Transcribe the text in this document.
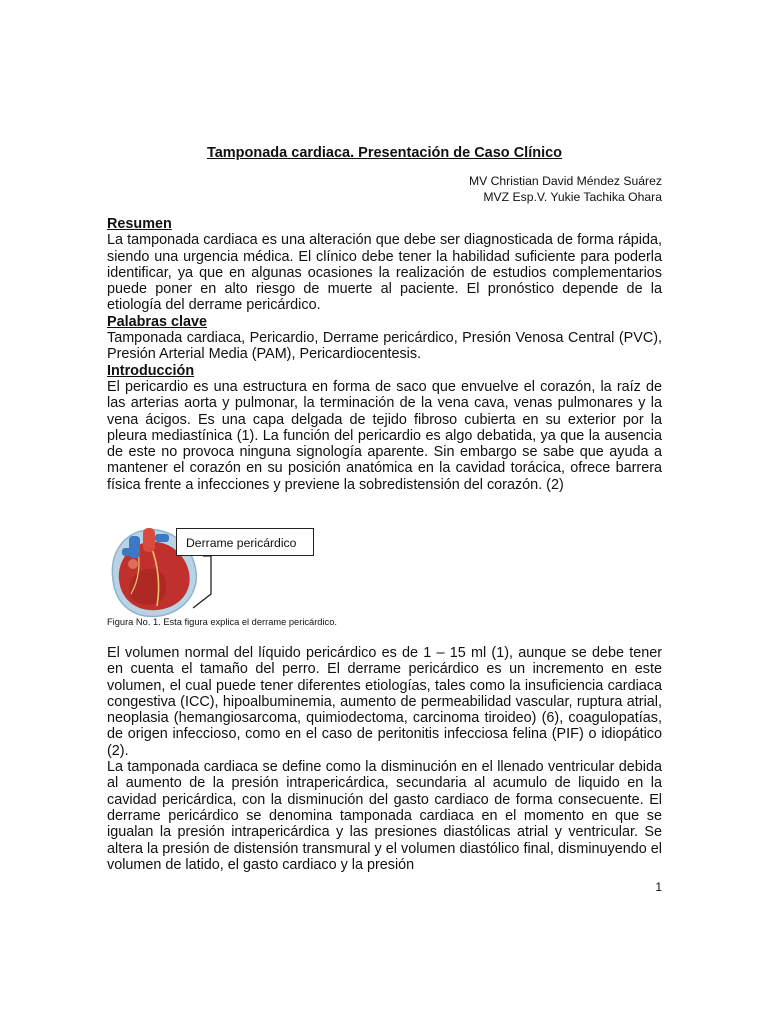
Tamponada cardiaca. Presentación de Caso Clínico
MV Christian David Méndez Suárez
MVZ Esp.V. Yukie Tachika Ohara
Resumen

La tamponada cardiaca es una alteración que debe ser diagnosticada de forma rápida, siendo una urgencia médica. El clínico debe tener la habilidad suficiente para poderla identificar, ya que en algunas ocasiones la realización de estudios complementarios puede poner en alto riesgo de muerte al paciente. El pronóstico depende de la etiología del derrame pericárdico.

Palabras clave

Tamponada cardiaca, Pericardio, Derrame pericárdico, Presión Venosa Central (PVC), Presión Arterial Media (PAM), Pericardiocentesis.

Introducción

El pericardio es una estructura en forma de saco que envuelve el corazón, la raíz de las arterias aorta y pulmonar, la terminación de la vena cava, venas pulmonares y la vena ácigos. Es una capa delgada de tejido fibroso cubierta en su exterior por la pleura mediastínica (1). La función del pericardio es algo debatida, ya que la ausencia de este no provoca ninguna signología aparente. Sin embargo se sabe que ayuda a mantener el corazón en su posición anatómica en la cavidad torácica, ofrece barrera física frente a infecciones y previene la sobredistensión del corazón. (2)

Derrame pericárdico
Figura No. 1. Esta figura explica el derrame pericárdico.

El volumen normal del líquido pericárdico es de 1 – 15 ml (1), aunque se debe tener en cuenta el tamaño del perro. El derrame pericárdico es un incremento en este volumen, el cual puede tener diferentes etiologías, tales como la insuficiencia cardiaca congestiva (ICC), hipoalbuminemia, aumento de permeabilidad vascular, ruptura atrial, neoplasia (hemangiosarcoma, quimiodectoma, carcinoma tiroideo) (6), coagulopatías, de origen infeccioso, como en el caso de peritonitis infecciosa felina (PIF) o idiopático (2).

La tamponada cardiaca se define como la disminución en el llenado ventricular debida al aumento de la presión intrapericárdica, secundaria al acumulo de liquido en la cavidad pericárdica, con la disminución del gasto cardiaco de forma consecuente. El derrame pericárdico se denomina tamponada cardiaca en el momento en que se igualan la presión intrapericárdica y las presiones diastólicas atrial y ventricular. Se altera la presión de distensión transmural y el volumen diastólico final, disminuyendo el volumen de latido, el gasto cardiaco y la presión

1
